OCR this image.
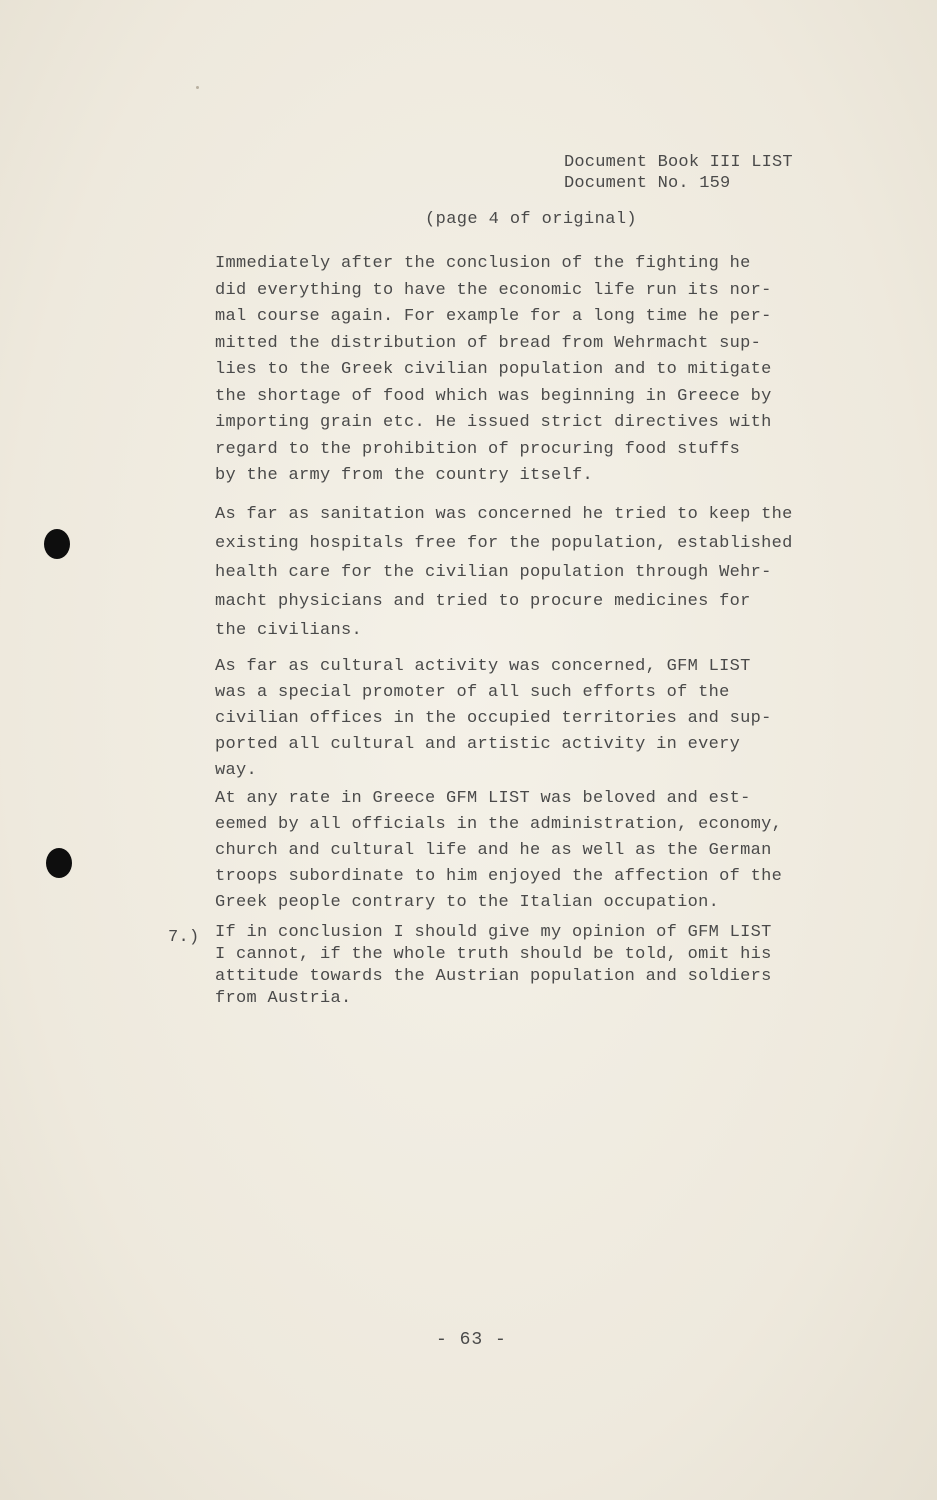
Document Book III LIST
Document No. 159
(page 4 of original)
Immediately after the conclusion of the fighting he
did everything to have the economic life run its nor-
mal course again. For example for a long time he per-
mitted the distribution of bread from Wehrmacht sup-
lies to the Greek civilian population and to mitigate
the shortage of food which was beginning in Greece by
importing grain etc. He issued strict directives with
regard to the prohibition of procuring food stuffs
by the army from the country itself.
As far as sanitation was concerned he tried to keep the
existing hospitals free for the population, established
health care for the civilian population through Wehr-
macht physicians and tried to procure medicines for
the civilians.
As far as cultural activity was concerned, GFM LIST
was a special promoter of all such efforts of the
civilian offices in the occupied territories and sup-
ported all cultural and artistic activity in every
way.
At any rate in Greece GFM LIST was beloved and est-
eemed by all officials in the administration, economy,
church and cultural life and he as well as the German
troops subordinate to him enjoyed the affection of the
Greek people contrary to the Italian occupation.
7.) If in conclusion I should give my opinion of GFM LIST
I cannot, if the whole truth should be told, omit his
attitude towards the Austrian population and soldiers
from Austria.
- 63 -
